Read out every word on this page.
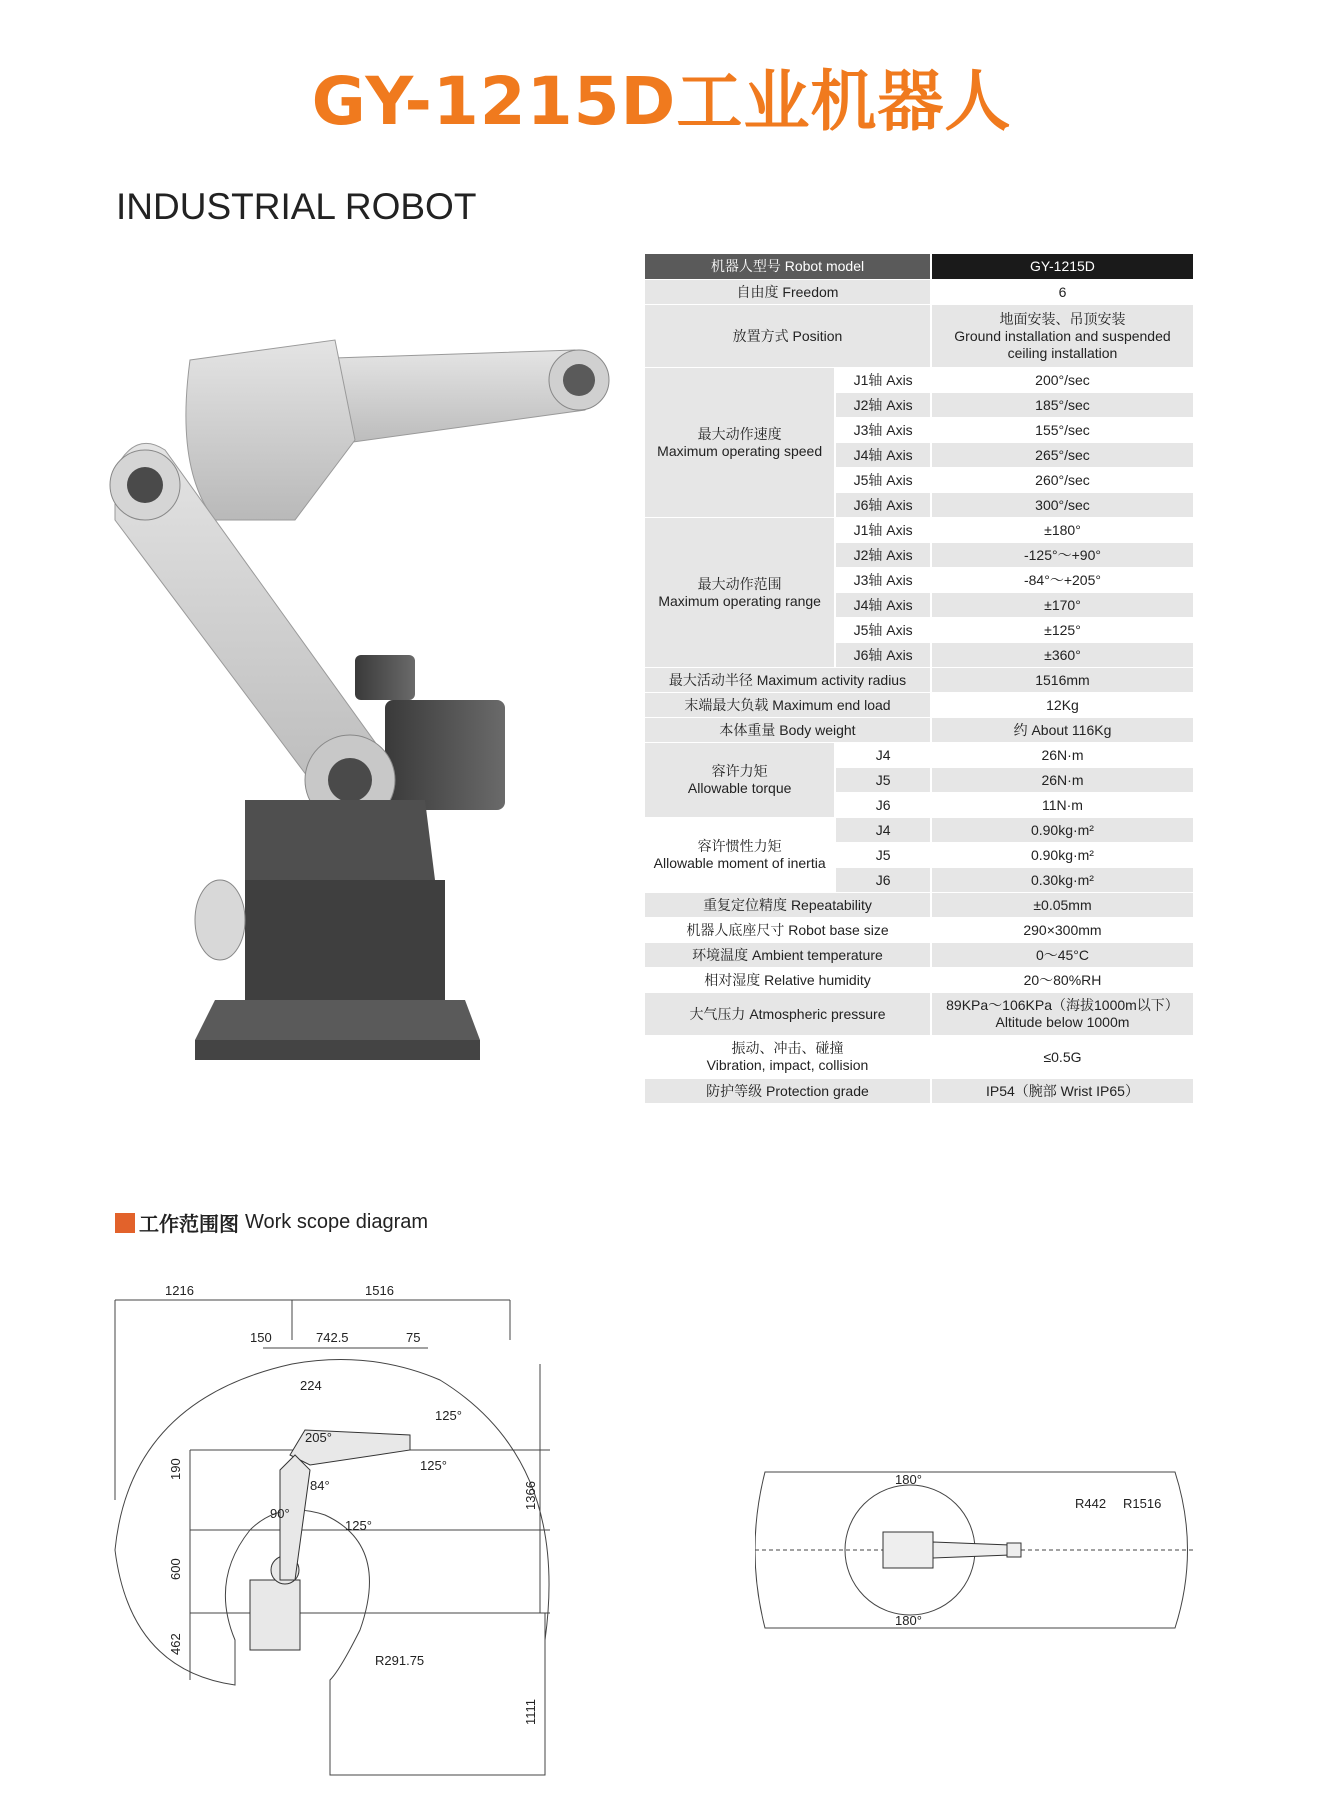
GY-1215D工业机器人
INDUSTRIAL ROBOT
机器人型号 Robot model		GY-1215D
自由度 Freedom		6
放置方式 Position		地面安装、吊顶安装
Ground installation and suspended
ceiling installation

最大动作速度
Maximum operating speed	J1轴 Axis	200°/sec
	J2轴 Axis	185°/sec
	J3轴 Axis	155°/sec
	J4轴 Axis	265°/sec
	J5轴 Axis	260°/sec
	J6轴 Axis	300°/sec

最大动作范围
Maximum operating range	J1轴 Axis	±180°
	J2轴 Axis	-125°～+90°
	J3轴 Axis	-84°～+205°
	J4轴 Axis	±170°
	J5轴 Axis	±125°
	J6轴 Axis	±360°
最大活动半径 Maximum activity radius		1516mm
末端最大负载 Maximum end load		12Kg
本体重量 Body weight		约 About 116Kg

容许力矩
Allowable torque	J4	26N·m
	J5	26N·m
	J6	11N·m

容许惯性力矩
Allowable moment of inertia	J4	0.90kg·m²
	J5	0.90kg·m²
	J6	0.30kg·m²
重复定位精度 Repeatability		±0.05mm
机器人底座尺寸 Robot base size		290×300mm
环境温度 Ambient temperature		0～45°C
相对湿度 Relative humidity		20～80%RH
大气压力 Atmospheric pressure		89KPa～106KPa（海拔1000m以下）
Altitude below 1000m

振动、冲击、碰撞
Vibration, impact, collision		≤0.5G
防护等级 Protection grade		IP54（腕部 Wrist IP65）
工作范围图 Work scope diagram
1216	1516
150	742.5	75
224
205°
84°
90°
125°
125°
125°
R291.75
190
600
462
1366
1111
180°
180°
R442 R1516
